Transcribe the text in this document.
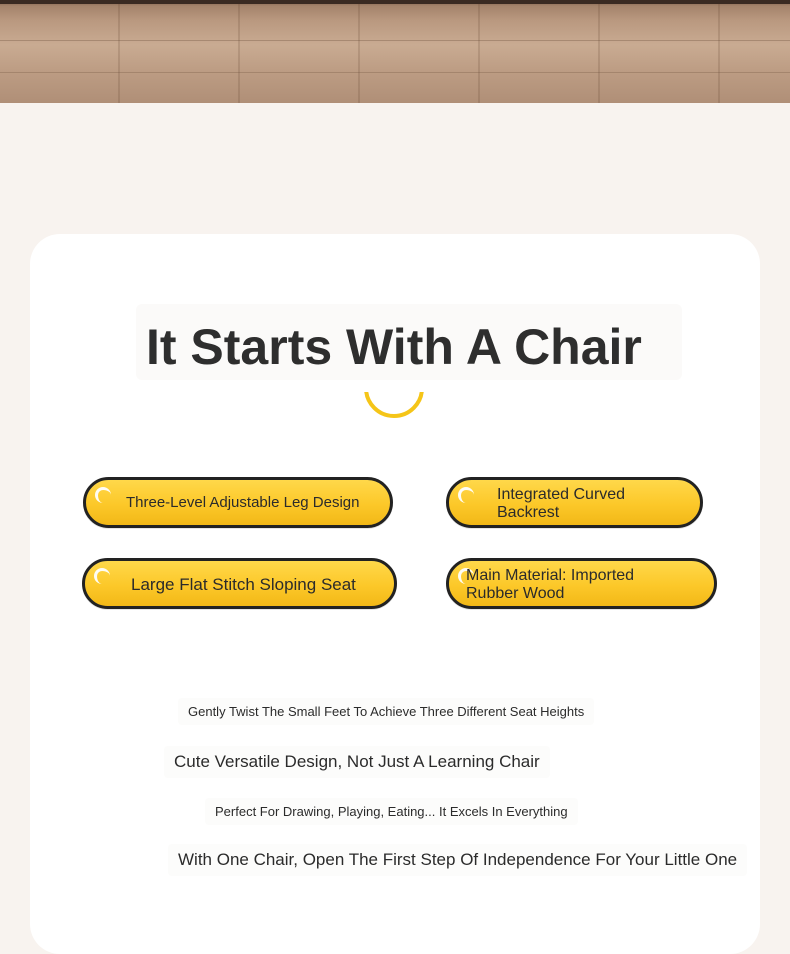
It Starts With A Chair
Three-Level Adjustable Leg Design	Integrated Curved Backrest
Large Flat Stitch Sloping Seat	Main Material: Imported Rubber Wood
Gently Twist The Small Feet To Achieve Three Different Seat Heights
Cute Versatile Design, Not Just A Learning Chair
Perfect For Drawing, Playing, Eating... It Excels In Everything
With One Chair, Open The First Step Of Independence For Your Little One
